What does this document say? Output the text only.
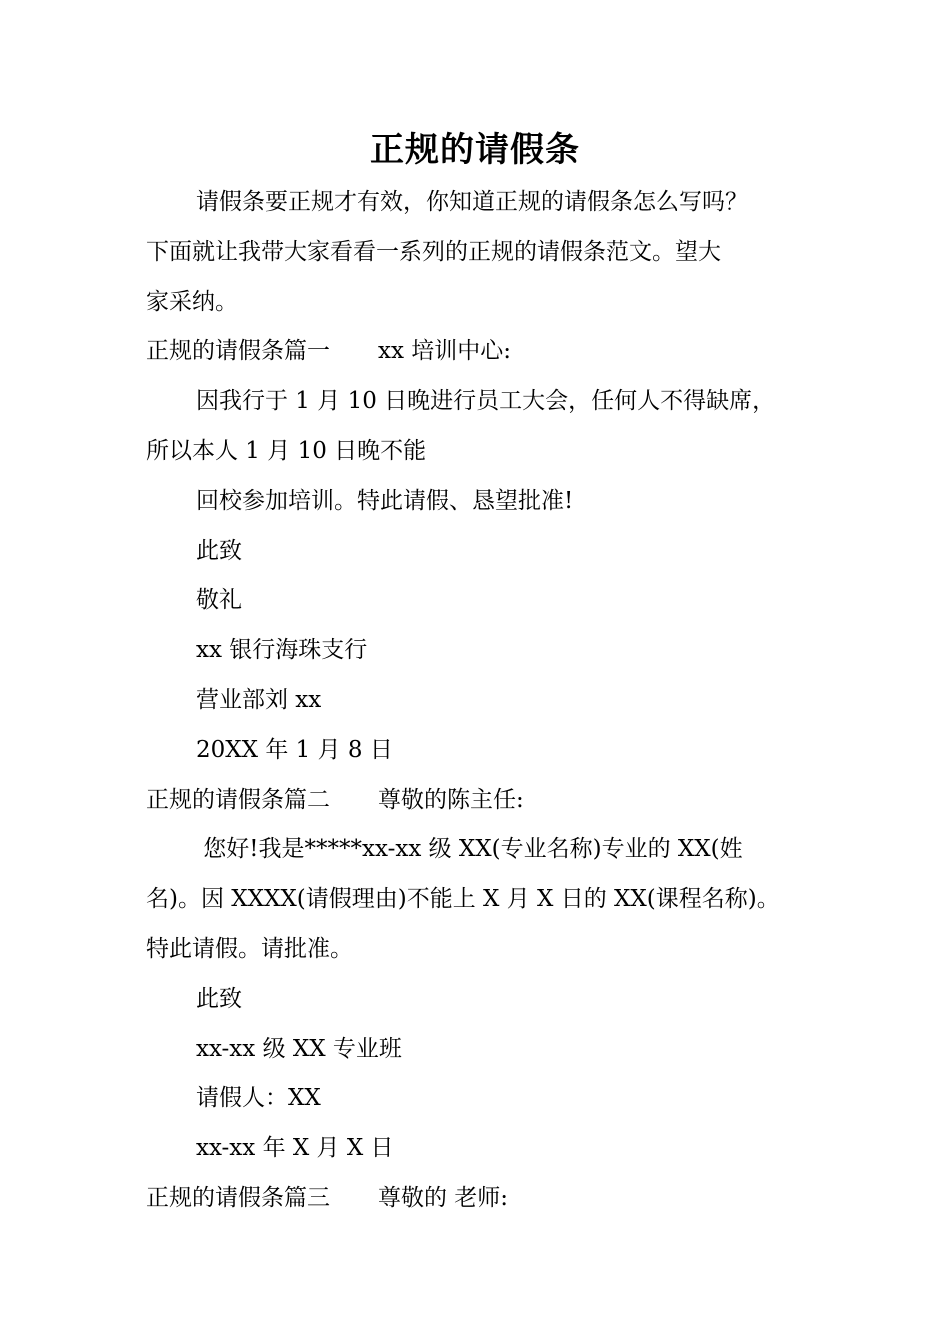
正规的请假条

请假条要正规才有效，你知道正规的请假条怎么写吗？

下面就让我带大家看看一系列的正规的请假条范文。望大

家采纳。

正规的请假条篇一 xx 培训中心:

因我行于 1 月 10 日晚进行员工大会，任何人不得缺席，

所以本人 1 月 10 日晚不能

回校参加培训。特此请假、恳望批准!

此致

敬礼

xx 银行海珠支行

营业部刘 xx

20XX 年 1 月 8 日

正规的请假条篇二 尊敬的陈主任:

您好!我是*****xx-xx 级 XX(专业名称)专业的 XX(姓

名)。因 XXXX(请假理由)不能上 X 月 X 日的 XX(课程名称)。

特此请假。请批准。

此致

xx-xx 级 XX 专业班

请假人：XX

xx-xx 年 X 月 X 日

正规的请假条篇三 尊敬的 老师:
